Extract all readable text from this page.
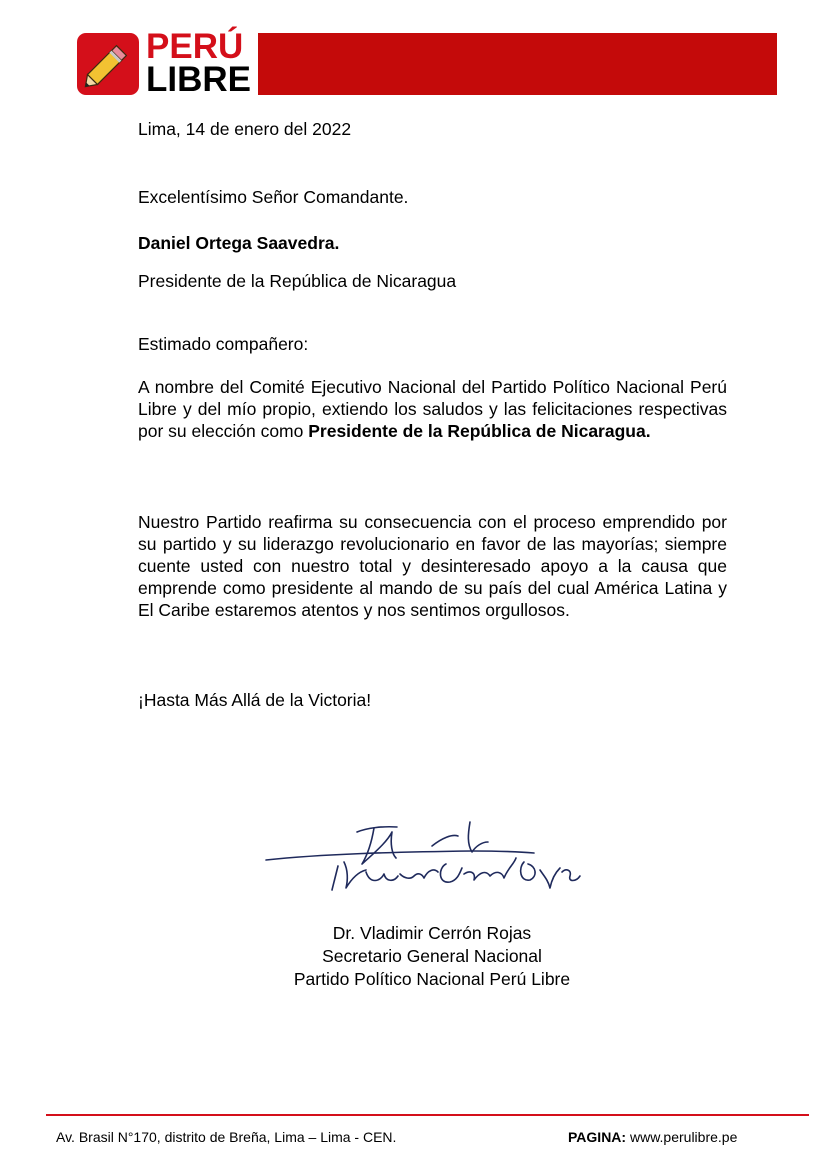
PERÚ
LIBRE
Lima, 14 de enero del 2022
Excelentísimo Señor Comandante.
Daniel Ortega Saavedra.
Presidente de la República de Nicaragua
Estimado compañero:
A nombre del Comité Ejecutivo Nacional del Partido Político Nacional Perú Libre y del mío propio, extiendo los saludos y las felicitaciones respectivas por su elección como Presidente de la República de Nicaragua.
Nuestro Partido reafirma su consecuencia con el proceso emprendido por su partido y su liderazgo revolucionario en favor de las mayorías; siempre cuente usted con nuestro total y desinteresado apoyo a la causa que emprende como presidente al mando de su país del cual América Latina y El Caribe estaremos atentos y nos sentimos orgullosos.
¡Hasta Más Allá de la Victoria!
Dr. Vladimir Cerrón Rojas
Secretario General Nacional
Partido Político Nacional Perú Libre
Av. Brasil N°170, distrito de Breña, Lima – Lima - CEN.	PAGINA: www.perulibre.pe
